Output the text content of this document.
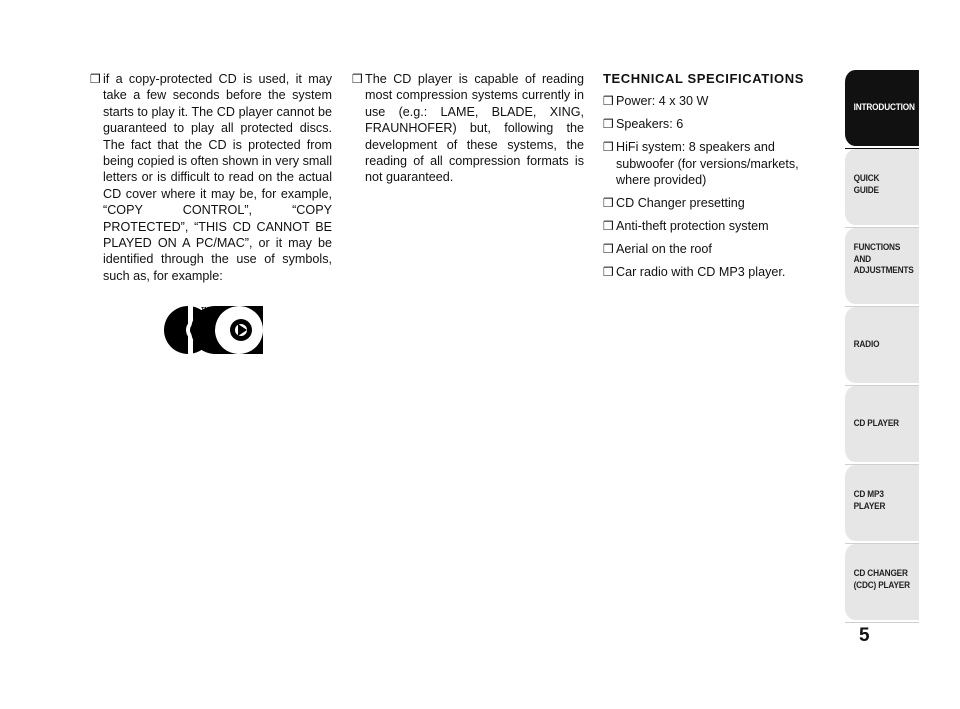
❒ if a copy-protected CD is used, it may take a few seconds before the system starts to play it. The CD player cannot be guaranteed to play all protected discs. The fact that the CD is protected from being copied is often shown in very small letters or is difficult to read on the actual CD cover where it may be, for example, “COPY CONTROL”, “COPY PROTECTED”, “THIS CD CANNOT BE PLAYED ON A PC/MAC”, or it may be identified through the use of symbols, such as, for example:

TM

❒ The CD player is capable of reading most compression systems currently in use (e.g.: LAME, BLADE, XING, FRAUNHOFER) but, following the development of these systems, the reading of all compression formats is not guaranteed.

TECHNICAL SPECIFICATIONS

❒ Power: 4 x 30 W

❒ Speakers: 6

❒ HiFi system: 8 speakers and subwoofer (for versions/markets, where provided)

❒ CD Changer presetting

❒ Anti-theft protection system

❒ Aerial on the roof

❒ Car radio with CD MP3 player.

INTRODUCTION
QUICK
GUIDE
FUNCTIONS
AND
ADJUSTMENTS
RADIO
CD PLAYER
CD MP3
PLAYER
CD CHANGER
(CDC) PLAYER
5
